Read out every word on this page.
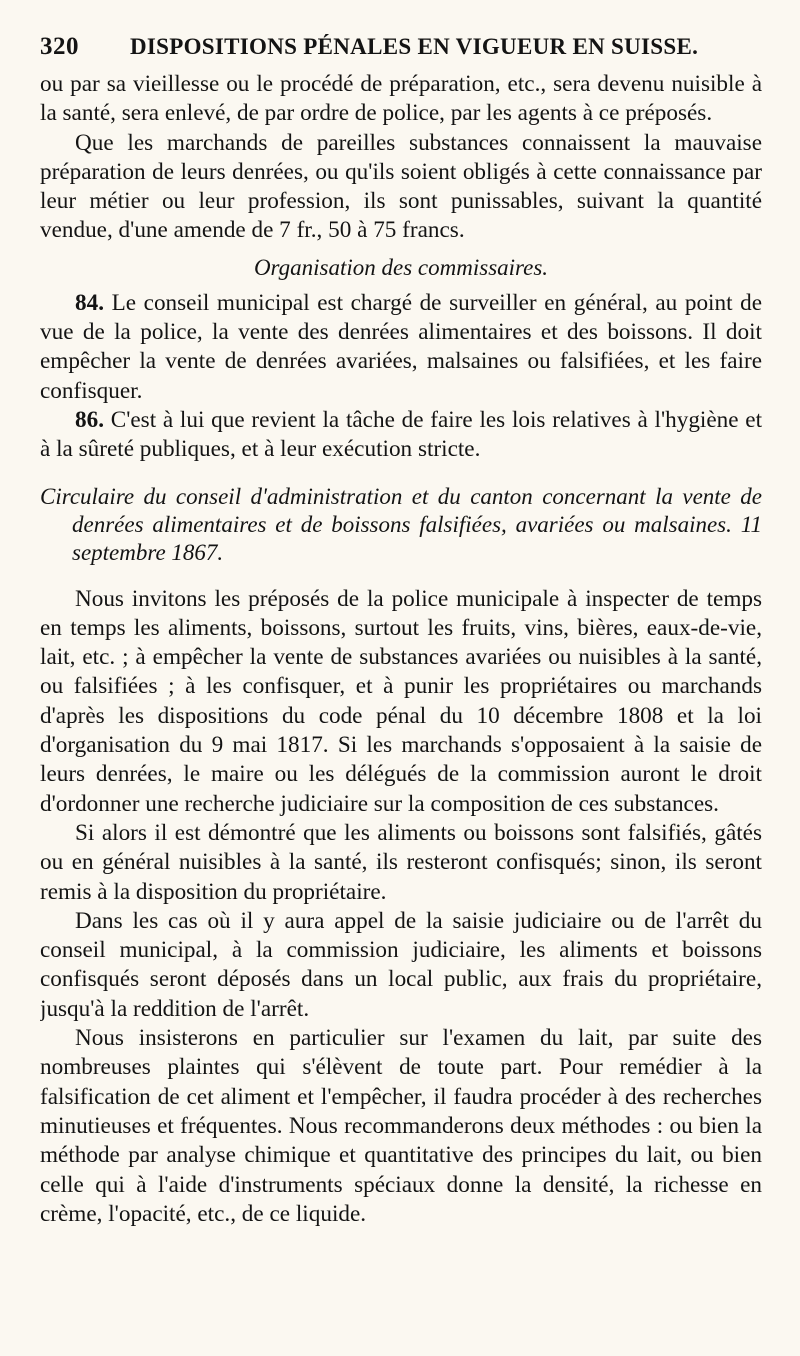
320	DISPOSITIONS PÉNALES EN VIGUEUR EN SUISSE.

ou par sa vieillesse ou le procédé de préparation, etc., sera devenu nuisible à la santé, sera enlevé, de par ordre de police, par les agents à ce préposés.

Que les marchands de pareilles substances connaissent la mauvaise préparation de leurs denrées, ou qu'ils soient obligés à cette connaissance par leur métier ou leur profession, ils sont punissables, suivant la quantité vendue, d'une amende de 7 fr., 50 à 75 francs.

Organisation des commissaires.

84. Le conseil municipal est chargé de surveiller en général, au point de vue de la police, la vente des denrées alimentaires et des boissons. Il doit empêcher la vente de denrées avariées, malsaines ou falsifiées, et les faire confisquer.

86. C'est à lui que revient la tâche de faire les lois relatives à l'hygiène et à la sûreté publiques, et à leur exécution stricte.

Circulaire du conseil d'administration et du canton concernant la vente de denrées alimentaires et de boissons falsifiées, avariées ou malsaines. 11 septembre 1867.

Nous invitons les préposés de la police municipale à inspecter de temps en temps les aliments, boissons, surtout les fruits, vins, bières, eaux-de-vie, lait, etc. ; à empêcher la vente de substances avariées ou nuisibles à la santé, ou falsifiées ; à les confisquer, et à punir les propriétaires ou marchands d'après les dispositions du code pénal du 10 décembre 1808 et la loi d'organisation du 9 mai 1817. Si les marchands s'opposaient à la saisie de leurs denrées, le maire ou les délégués de la commission auront le droit d'ordonner une recherche judiciaire sur la composition de ces substances.

Si alors il est démontré que les aliments ou boissons sont falsifiés, gâtés ou en général nuisibles à la santé, ils resteront confisqués; sinon, ils seront remis à la disposition du propriétaire.

Dans les cas où il y aura appel de la saisie judiciaire ou de l'arrêt du conseil municipal, à la commission judiciaire, les aliments et boissons confisqués seront déposés dans un local public, aux frais du propriétaire, jusqu'à la reddition de l'arrêt.

Nous insisterons en particulier sur l'examen du lait, par suite des nombreuses plaintes qui s'élèvent de toute part. Pour remédier à la falsification de cet aliment et l'empêcher, il faudra procéder à des recherches minutieuses et fréquentes. Nous recommanderons deux méthodes : ou bien la méthode par analyse chimique et quantitative des principes du lait, ou bien celle qui à l'aide d'instruments spéciaux donne la densité, la richesse en crème, l'opacité, etc., de ce liquide.
